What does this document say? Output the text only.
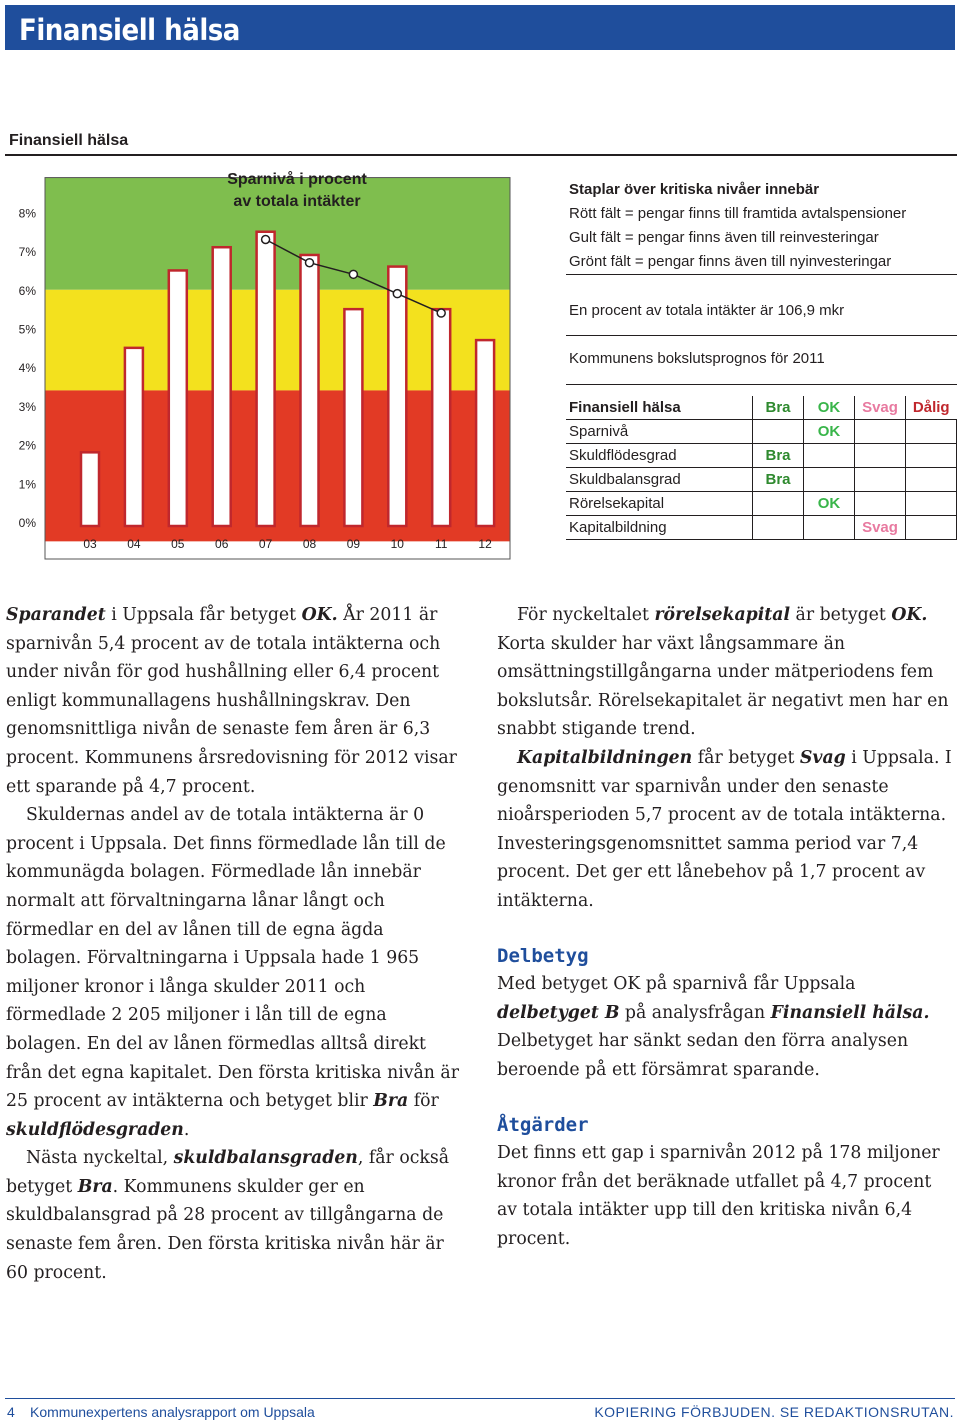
Finansiell hälsa
Finansiell hälsa
8%
7%
6%
5%
4%
3%
2%
1%
0%
03	04	05	06	07	08	09	10	11	12
Sparnivå i procent
av totala intäkter
Staplar över kritiska nivåer innebär
Rött fält = pengar finns till framtida avtalspensioner
Gult fält = pengar finns även till reinvesteringar
Grönt fält = pengar finns även till nyinvesteringar
En procent av totala intäkter är 106,9 mkr
Kommunens bokslutsprognos för 2011
Finansiell hälsa	Bra	OK	Svag	Dålig
Sparnivå		OK		
Skuldflödesgrad	Bra			
Skuldbalansgrad	Bra			
Rörelsekapital		OK		
Kapitalbildning			Svag	

Sparandet i Uppsala får betyget OK. År 2011 är sparnivån 5,4 procent av de totala intäkterna och under nivån för god hushållning eller 6,4 procent enligt kommunallagens hushållningskrav. Den genomsnittliga nivån de senaste fem åren är 6,3 procent. Kommunens årsredovisning för 2012 visar ett sparande på 4,7 procent.

Skuldernas andel av de totala intäkterna är 0 procent i Uppsala. Det finns förmedlade lån till de kommunägda bolagen. Förmedlade lån innebär normalt att förvaltningarna lånar långt och förmedlar en del av lånen till de egna ägda bolagen. Förvaltningarna i Uppsala hade 1 965 miljoner kronor i långa skulder 2011 och förmedlade 2 205 miljoner i lån till de egna bolagen. En del av lånen förmedlas alltså direkt från det egna kapitalet. Den första kritiska nivån är 25 procent av intäkterna och betyget blir Bra för skuldflödesgraden.

Nästa nyckeltal, skuldbalansgraden, får också betyget Bra. Kommunens skulder ger en skuldbalansgrad på 28 procent av tillgångarna de senaste fem åren. Den första kritiska nivån här är 60 procent.

För nyckeltalet rörelsekapital är betyget OK. Korta skulder har växt långsammare än omsättningstillgångarna under mätperiodens fem bokslutsår. Rörelsekapitalet är negativt men har en snabbt stigande trend.

Kapitalbildningen får betyget Svag i Uppsala. I genomsnitt var sparnivån under den senaste nioårsperioden 5,7 procent av de totala intäkterna. Investeringsgenomsnittet samma period var 7,4 procent. Det ger ett lånebehov på 1,7 procent av intäkterna.

Delbetyg

Med betyget OK på sparnivå får Uppsala delbetyget B på analysfrågan Finansiell hälsa. Delbetyget har sänkt sedan den förra analysen beroende på ett försämrat sparande.

Åtgärder

Det finns ett gap i sparnivån 2012 på 178 miljoner kronor från det beräknade utfallet på 4,7 procent av totala intäkter upp till den kritiska nivån 6,4 procent.

4 Kommunexpertens analysrapport om Uppsala	KOPIERING FÖRBJUDEN. SE REDAKTIONSRUTAN.
